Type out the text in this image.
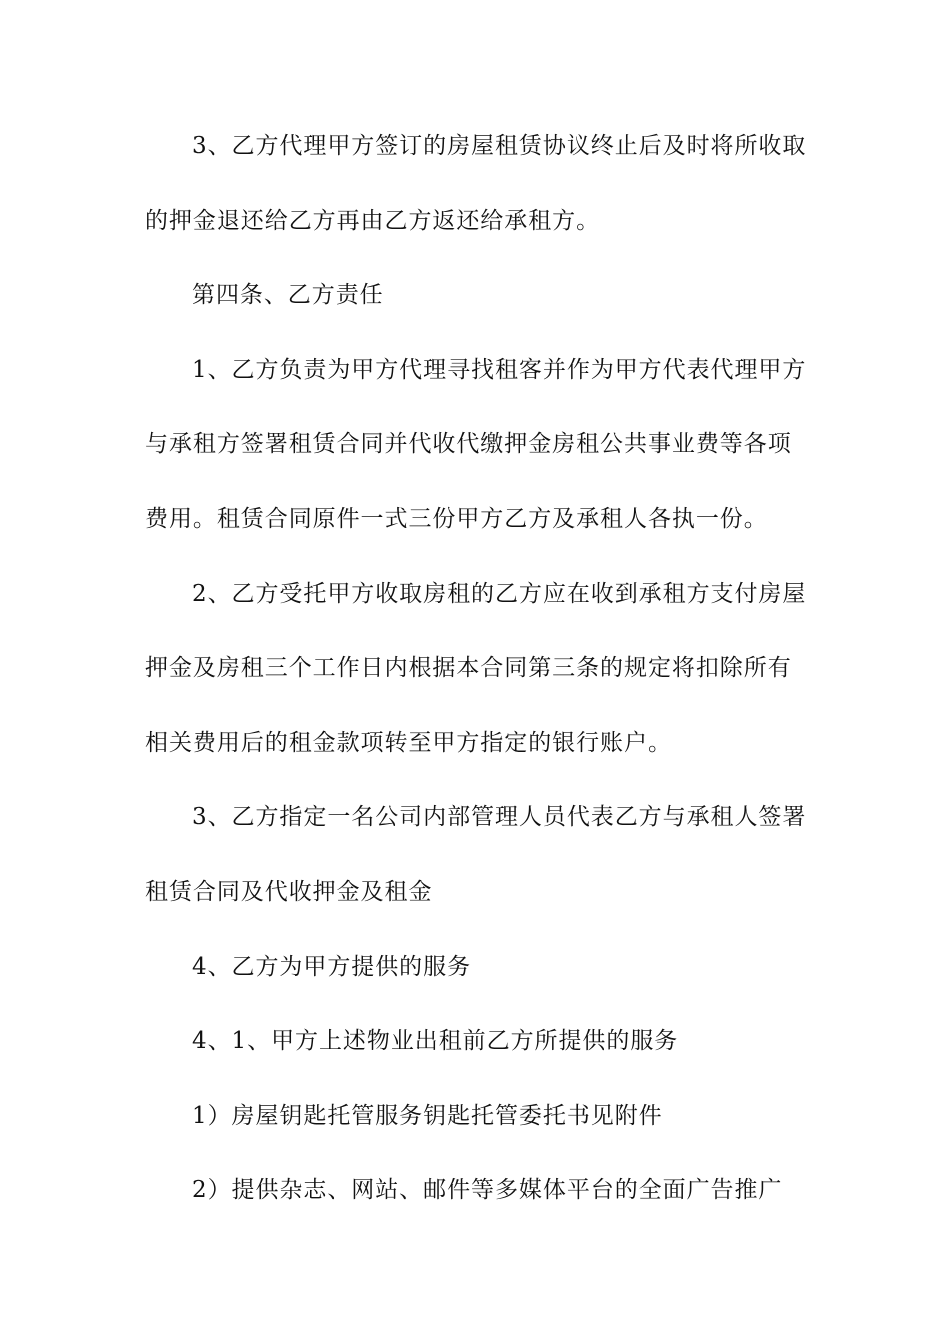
3、乙方代理甲方签订的房屋租赁协议终止后及时将所收取

的押金退还给乙方再由乙方返还给承租方。

第四条、乙方责任

1、乙方负责为甲方代理寻找租客并作为甲方代表代理甲方

与承租方签署租赁合同并代收代缴押金房租公共事业费等各项

费用。租赁合同原件一式三份甲方乙方及承租人各执一份。

2、乙方受托甲方收取房租的乙方应在收到承租方支付房屋

押金及房租三个工作日内根据本合同第三条的规定将扣除所有

相关费用后的租金款项转至甲方指定的银行账户。

3、乙方指定一名公司内部管理人员代表乙方与承租人签署

租赁合同及代收押金及租金

4、乙方为甲方提供的服务

4、1、甲方上述物业出租前乙方所提供的服务

1）房屋钥匙托管服务钥匙托管委托书见附件

2）提供杂志、网站、邮件等多媒体平台的全面广告推广
